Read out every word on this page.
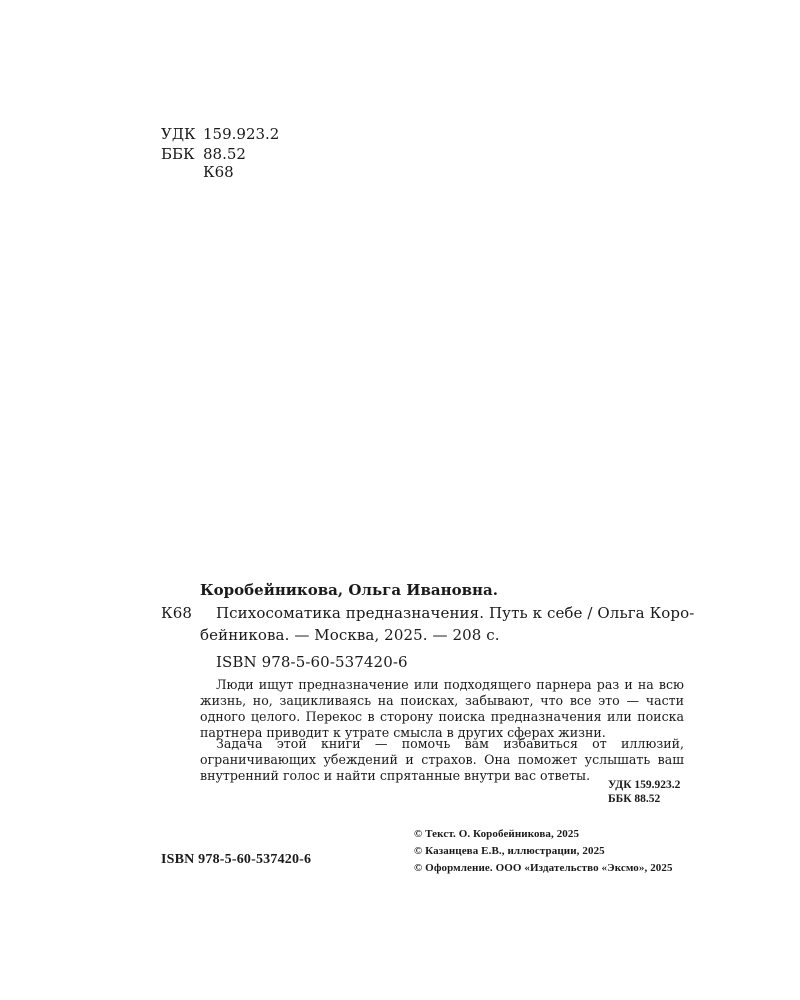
УДК 159.923.2
ББК 88.52
К68
Коробейникова, Ольга Ивановна.
К68 Психосоматика предназначения. Путь к себе / Ольга Коро-
бейникова. — Москва, 2025. — 208 с.
ISBN 978-5-60-537420-6

Люди ищут предназначение или подходящего парнера раз и на всю жизнь, но, зацикливаясь на поисках, забывают, что все это — части одного целого. Перекос в сторону поиска предназначения или поиска партнера приводит к утрате смысла в других сферах жизни.

Задача этой книги — помочь вам избавиться от иллюзий, ограничивающих убеждений и страхов. Она поможет услышать ваш внутренний голос и найти спрятанные внутри вас ответы.

УДК 159.923.2
ББК 88.52
ISBN 978-5-60-537420-6
© Текст. О. Коробейникова, 2025
© Казанцева Е.В., иллюстрации, 2025
© Оформление. ООО «Издательство «Эксмо», 2025
